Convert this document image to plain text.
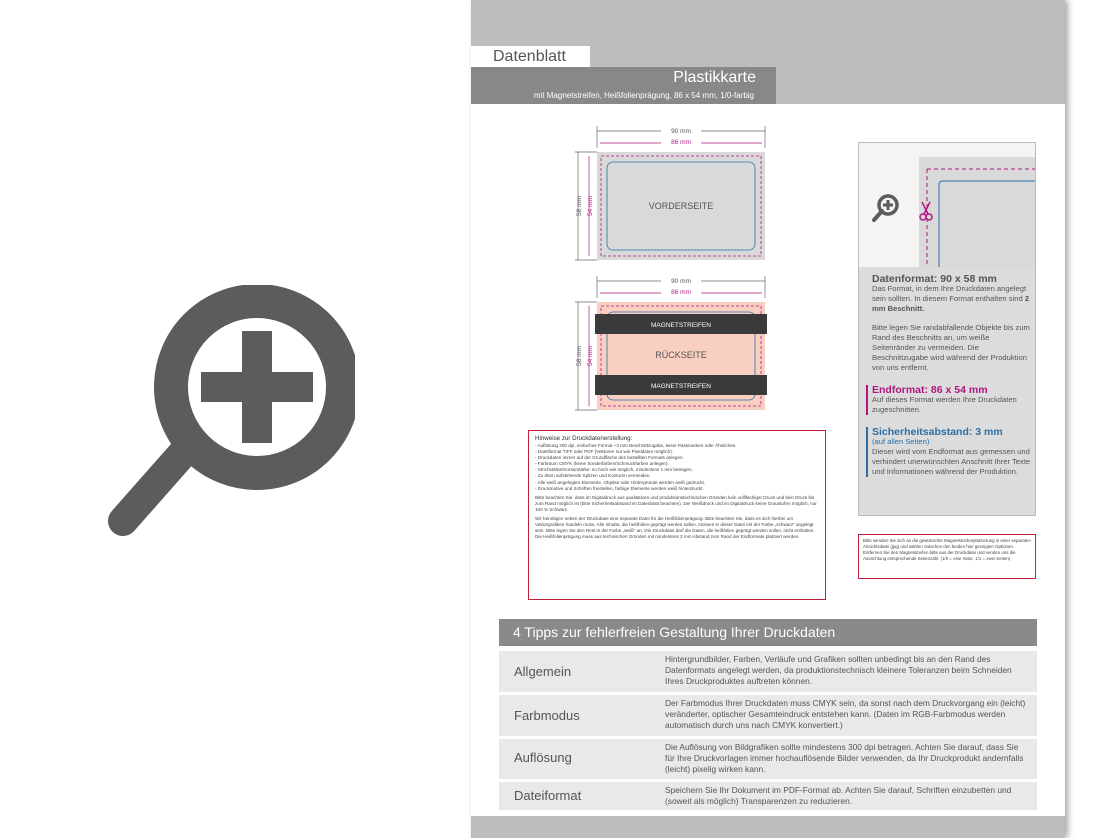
Datenblatt
Plastikkarte
mit Magnetstreifen, Heißfolienprägung, 86 x 54 mm, 1/0-farbig
90 mm
86 mm
58 mm 54 mm	VORDERSEITE
90 mm
86 mm
58 mm 54 mm
MAGNETSTREIFEN
RÜCKSEITE
MAGNETSTREIFEN

Hinweise zur Druckdatenerstellung:

- Auflösung 300 dpi, einfaches Format +3 mm Beschnittzugabe, keine Passmarken oder Ähnliches.

- Dateiformat TIFF oder PDF (Vektoren nur wie Pixeldaten möglich).

- Druckdaten immer auf der Grundfläche des bestellten Formats anlegen.

- Farbraum CMYK (keine Sonderfarben/Schmuckfarben anlegen).

- Strichstärke/Konturstärke: so hoch wie möglich, mindestens 1 mm betragen.

- Zu dünn aufstehende Spitzen und Konturen vermeiden.

- Alle weiß angelegten Elemente, Objekte oder Hintergründe werden weiß gedruckt.

- Druckmotive und Schriften freistellen, farbige Elemente werden weiß hinterdruckt.

Bitte beachten Sie, dass im Digitaldruck aus qualitativen und produktionstechnischen Gründen kein vollflächiger Druck und kein Druck bis zum Rand möglich ist (bitte Sicherheitsabstand im Datenblatt beachten). Der Weißdruck und im Digitaldruck keine Graustufen möglich, nur 100 % Schwarz.

Wir benötigen neben der Druckdatei eine separate Datei für die Heißfolienprägung. Bitte beachten Sie, dass es sich hierbei um Vektorgrafiken handeln muss. Alle Inhalte, die heißfolien geprägt werden sollen, müssen in dieser Datei mit der Farbe „schwarz“ angelegt sein. Bitte legen Sie den Rest in der Farbe „weiß“ an. Die Druckdatei darf die Daten, die heißfolien geprägt werden sollen, nicht enthalten.

Die Heißfolienprägung muss aus technischen Gründen mit mindestens 3 mm Abstand zum Rand der Endformate platziert werden.

Datenformat: 90 x 58 mm

Das Format, in dem Ihre Druckdaten angelegt sein sollten. In diesem Format enthalten sind 2 mm Beschnitt.

Bitte legen Sie randabfallende Objekte bis zum Rand des Beschnitts an, um weiße Seitenränder zu vermeiden. Die Beschnittzugabe wird während der Produktion von uns entfernt.

Endformat: 86 x 54 mm

Auf dieses Format werden Ihre Druckdaten zugeschnitten.

Sicherheitsabstand: 3 mm

(auf allen Seiten)

Dieser wird vom Endformat aus gemessen und verhindert unerwünschten Anschnitt Ihrer Texte und Informationen während der Produktion.

Bitte wenden Sie sich an die gewünschte Magnetstreifenplatzierung in einer separaten Ansichtsdatei (jpg) und wählen zwischen den beiden hier gezeigten Optionen. Entfernen Sie den Magnetstreifen bitte aus der Druckdatei und senden uns die Ausrichtung entsprechende Seitenzahl. (1/0 = eine Seite, 1/1 = zwei Seiten)
4 Tipps zur fehlerfreien Gestaltung Ihrer Druckdaten
Allgemein
Hintergrundbilder, Farben, Verläufe und Grafiken sollten unbedingt bis an den Rand des Datenformats angelegt werden, da produktionstechnisch kleinere Toleranzen beim Schneiden Ihres Druckproduktes auftreten können.
Farbmodus
Der Farbmodus Ihrer Druckdaten muss CMYK sein, da sonst nach dem Druckvorgang ein (leicht) veränderter, optischer Gesamteindruck entstehen kann. (Daten im RGB-Farbmodus werden automatisch durch uns nach CMYK konvertiert.)
Auflösung
Die Auflösung von Bildgrafiken sollte mindestens 300 dpi betragen. Achten Sie darauf, dass Sie für Ihre Druckvorlagen immer hochauflösende Bilder verwenden, da Ihr Druckprodukt andernfalls (leicht) pixelig wirken kann.
Dateiformat	Speichern Sie Ihr Dokument im PDF-Format ab. Achten Sie darauf, Schriften einzubetten und (soweit als möglich) Transparenzen zu reduzieren.
